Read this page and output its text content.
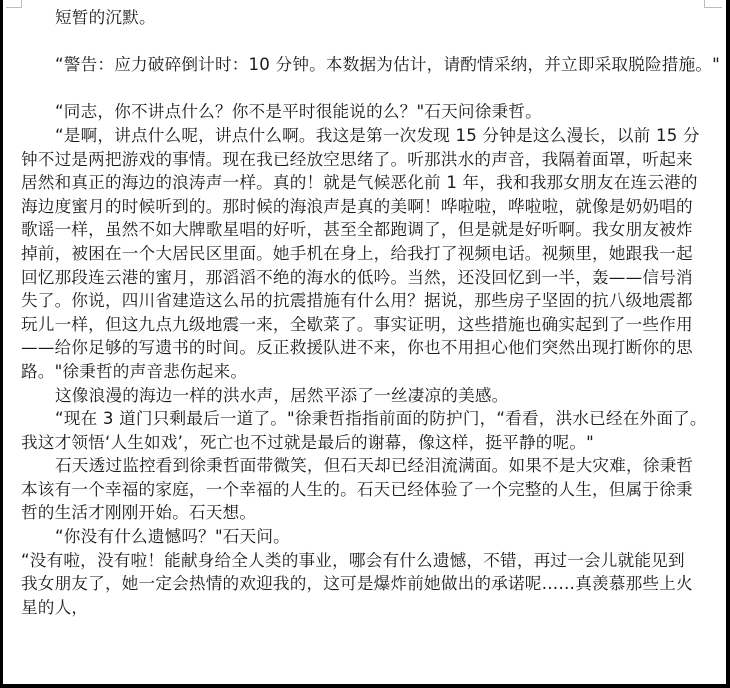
短暂的沉默。

“警告：应力破碎倒计时：10 分钟。本数据为估计，请酌情采纳，并立即采取脱险措施。"

“同志，你不讲点什么？你不是平时很能说的么？"石天问徐秉哲。

“是啊，讲点什么呢，讲点什么啊。我这是第一次发现 15 分钟是这么漫长，以前 15 分

钟不过是两把游戏的事情。现在我已经放空思绪了。听那洪水的声音，我隔着面罩，听起来
居然和真正的海边的浪涛声一样。真的！就是气候恶化前 1 年，我和我那女朋友在连云港的
海边度蜜月的时候听到的。那时候的海浪声是真的美啊！哗啦啦，哗啦啦，就像是奶奶唱的
歌谣一样，虽然不如大牌歌星唱的好听，甚至全都跑调了，但是就是好听啊。我女朋友被炸
掉前，被困在一个大居民区里面。她手机在身上，给我打了视频电话。视频里，她跟我一起
回忆那段连云港的蜜月，那滔滔不绝的海水的低吟。当然，还没回忆到一半，轰——信号消
失了。你说，四川省建造这么吊的抗震措施有什么用？据说，那些房子坚固的抗八级地震都
玩儿一样，但这九点九级地震一来，全歇菜了。事实证明，这些措施也确实起到了一些作用
——给你足够的写遗书的时间。反正救援队进不来，你也不用担心他们突然出现打断你的思
路。"徐秉哲的声音悲伤起来。

这像浪漫的海边一样的洪水声，居然平添了一丝凄凉的美感。

“现在 3 道门只剩最后一道了。"徐秉哲指指前面的防护门，“看看，洪水已经在外面了。

我这才领悟‘人生如戏’，死亡也不过就是最后的谢幕，像这样，挺平静的呢。"

石天透过监控看到徐秉哲面带微笑，但石天却已经泪流满面。如果不是大灾难，徐秉哲

本该有一个幸福的家庭，一个幸福的人生的。石天已经体验了一个完整的人生，但属于徐秉
哲的生活才刚刚开始。石天想。

“你没有什么遗憾吗？"石天问。

“没有啦，没有啦！能献身给全人类的事业，哪会有什么遗憾，不错，再过一会儿就能见到
我女朋友了，她一定会热情的欢迎我的，这可是爆炸前她做出的承诺呢……真羡慕那些上火
星的人，
